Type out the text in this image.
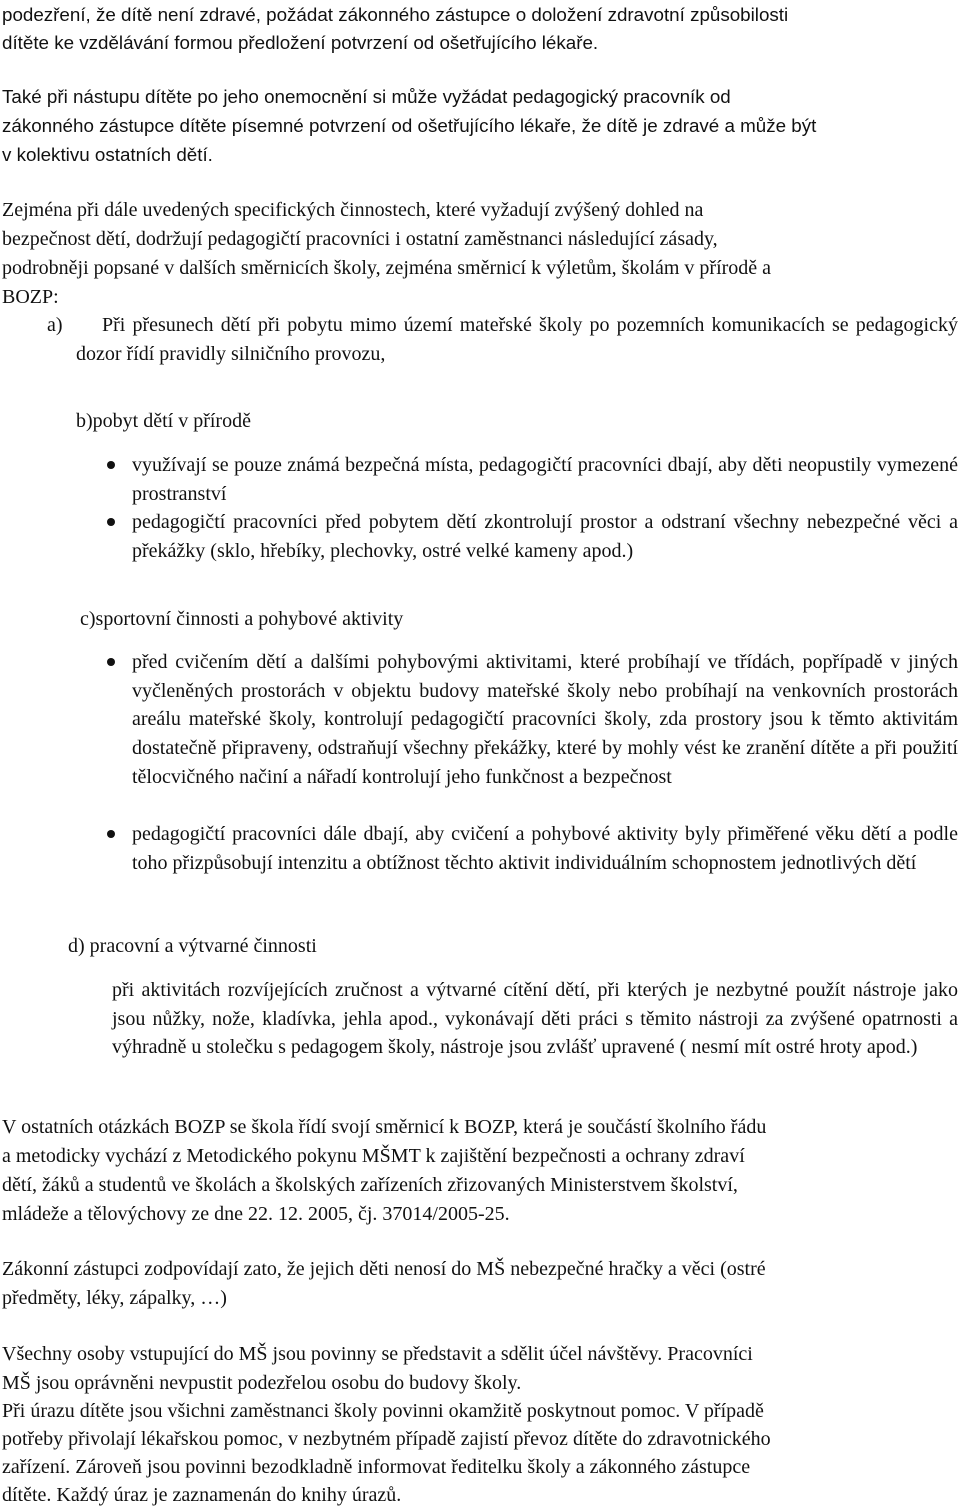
podezření, že dítě není zdravé, požádat zákonného zástupce o doložení zdravotní způsobilosti

dítěte ke vzdělávání formou předložení potvrzení od ošetřujícího lékaře.

Také při nástupu dítěte po jeho onemocnění si může vyžádat pedagogický pracovník od

zákonného zástupce dítěte písemné potvrzení od ošetřujícího lékaře, že dítě je zdravé a může být

v kolektivu ostatních dětí.

Zejména při dále uvedených specifických činnostech, které vyžadují zvýšený dohled na

bezpečnost dětí, dodržují pedagogičtí pracovníci i ostatní zaměstnanci následující zásady,

podrobněji popsané v dalších směrnicích školy, zejména směrnicí k výletům, školám v přírodě a

BOZP:

a)	Při přesunech dětí při pobytu mimo území mateřské školy po pozemních komunikacích se pedagogický dozor řídí pravidly silničního provozu,

b)pobyt dětí v přírodě

využívají se pouze známá bezpečná místa, pedagogičtí pracovníci dbají, aby děti neopustily vymezené prostranství

pedagogičtí pracovníci před pobytem dětí zkontrolují prostor a odstraní všechny nebezpečné věci a překážky (sklo, hřebíky, plechovky, ostré velké kameny apod.)

c)sportovní činnosti a pohybové aktivity

před cvičením dětí a dalšími pohybovými aktivitami, které probíhají ve třídách, popřípadě v jiných vyčleněných prostorách v objektu budovy mateřské školy nebo probíhají na venkovních prostorách areálu mateřské školy, kontrolují pedagogičtí pracovníci školy, zda prostory jsou k těmto aktivitám dostatečně připraveny, odstraňují všechny překážky, které by mohly vést ke zranění dítěte a při použití tělocvičného načiní a nářadí kontrolují jeho funkčnost a bezpečnost

pedagogičtí pracovníci dále dbají, aby cvičení a pohybové aktivity byly přiměřené věku dětí a podle toho přizpůsobují intenzitu a obtížnost těchto aktivit individuálním schopnostem jednotlivých dětí

d) pracovní a výtvarné činnosti

při aktivitách rozvíjejících zručnost a výtvarné cítění dětí, při kterých je nezbytné použít nástroje jako jsou nůžky, nože, kladívka, jehla apod., vykonávají děti práci s těmito nástroji za zvýšené opatrnosti a výhradně u stolečku s pedagogem školy, nástroje jsou zvlášť upravené ( nesmí mít ostré hroty apod.)

V ostatních otázkách BOZP se škola řídí svojí směrnicí k BOZP, která je součástí školního řádu

a metodicky vychází z Metodického pokynu MŠMT k zajištění bezpečnosti a ochrany zdraví

dětí, žáků a studentů ve školách a školských zařízeních zřizovaných Ministerstvem školství,

mládeže a tělovýchovy ze dne 22. 12. 2005, čj. 37014/2005-25.

Zákonní zástupci zodpovídají zato, že jejich děti nenosí do MŠ nebezpečné hračky a věci (ostré

předměty, léky, zápalky, …)

Všechny osoby vstupující do MŠ jsou povinny se představit a sdělit účel návštěvy. Pracovníci

MŠ jsou oprávněni nevpustit podezřelou osobu do budovy školy.

Při úrazu dítěte jsou všichni zaměstnanci školy povinni okamžitě poskytnout pomoc. V případě

potřeby přivolají lékařskou pomoc, v nezbytném případě zajistí převoz dítěte do zdravotnického

zařízení. Zároveň jsou povinni bezodkladně informovat ředitelku školy a zákonného zástupce

dítěte. Každý úraz je zaznamenán do knihy úrazů.
